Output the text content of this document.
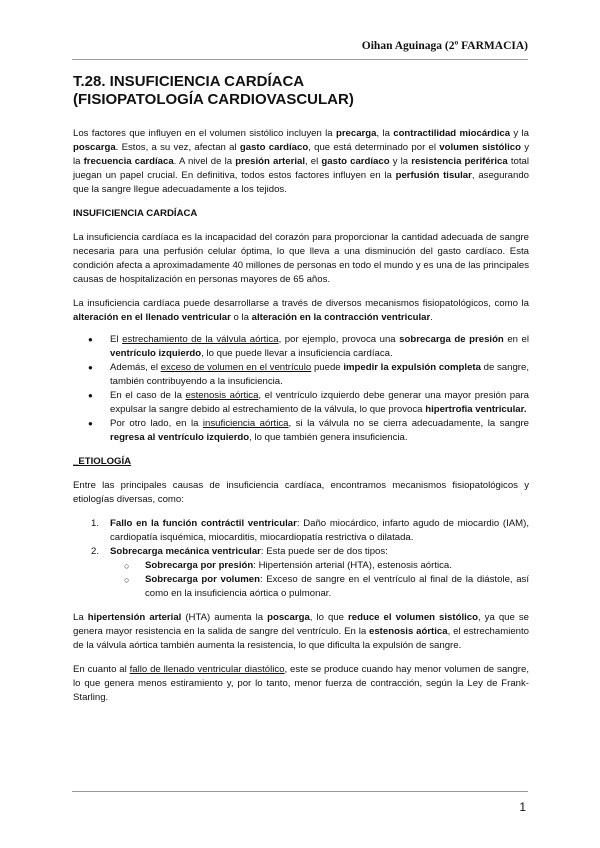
Oihan Aguinaga (2º FARMACIA)
T.28. INSUFICIENCIA CARDÍACA
(FISIOPATOLOGÍA CARDIOVASCULAR)

Los factores que influyen en el volumen sistólico incluyen la precarga, la contractilidad miocárdica y la poscarga. Estos, a su vez, afectan al gasto cardíaco, que está determinado por el volumen sistólico y la frecuencia cardíaca. A nivel de la presión arterial, el gasto cardíaco y la resistencia periférica total juegan un papel crucial. En definitiva, todos estos factores influyen en la perfusión tisular, asegurando que la sangre llegue adecuadamente a los tejidos.

INSUFICIENCIA CARDÍACA

La insuficiencia cardíaca es la incapacidad del corazón para proporcionar la cantidad adecuada de sangre necesaria para una perfusión celular óptima, lo que lleva a una disminución del gasto cardíaco. Esta condición afecta a aproximadamente 40 millones de personas en todo el mundo y es una de las principales causas de hospitalización en personas mayores de 65 años.

La insuficiencia cardíaca puede desarrollarse a través de diversos mecanismos fisiopatológicos, como la alteración en el llenado ventricular o la alteración en la contracción ventricular.

● El estrechamiento de la válvula aórtica, por ejemplo, provoca una sobrecarga de presión en el ventrículo izquierdo, lo que puede llevar a insuficiencia cardíaca.
● Además, el exceso de volumen en el ventrículo puede impedir la expulsión completa de sangre, también contribuyendo a la insuficiencia.
● En el caso de la estenosis aórtica, el ventrículo izquierdo debe generar una mayor presión para expulsar la sangre debido al estrechamiento de la válvula, lo que provoca hipertrofia ventricular.
● Por otro lado, en la insuficiencia aórtica, si la válvula no se cierra adecuadamente, la sangre regresa al ventrículo izquierdo, lo que también genera insuficiencia.
_ETIOLOGÍA

Entre las principales causas de insuficiencia cardíaca, encontramos mecanismos fisiopatológicos y etiologías diversas, como:

1. Fallo en la función contráctil ventricular: Daño miocárdico, infarto agudo de miocardio (IAM), cardiopatía isquémica, miocarditis, miocardiopatía restrictiva o dilatada.
2. Sobrecarga mecánica ventricular: Esta puede ser de dos tipos:
○ Sobrecarga por presión: Hipertensión arterial (HTA), estenosis aórtica.
○ Sobrecarga por volumen: Exceso de sangre en el ventrículo al final de la diástole, así como en la insuficiencia aórtica o pulmonar.

La hipertensión arterial (HTA) aumenta la poscarga, lo que reduce el volumen sistólico, ya que se genera mayor resistencia en la salida de sangre del ventrículo. En la estenosis aórtica, el estrechamiento de la válvula aórtica también aumenta la resistencia, lo que dificulta la expulsión de sangre.

En cuanto al fallo de llenado ventricular diastólico, este se produce cuando hay menor volumen de sangre, lo que genera menos estiramiento y, por lo tanto, menor fuerza de contracción, según la Ley de Frank-Starling.

1
